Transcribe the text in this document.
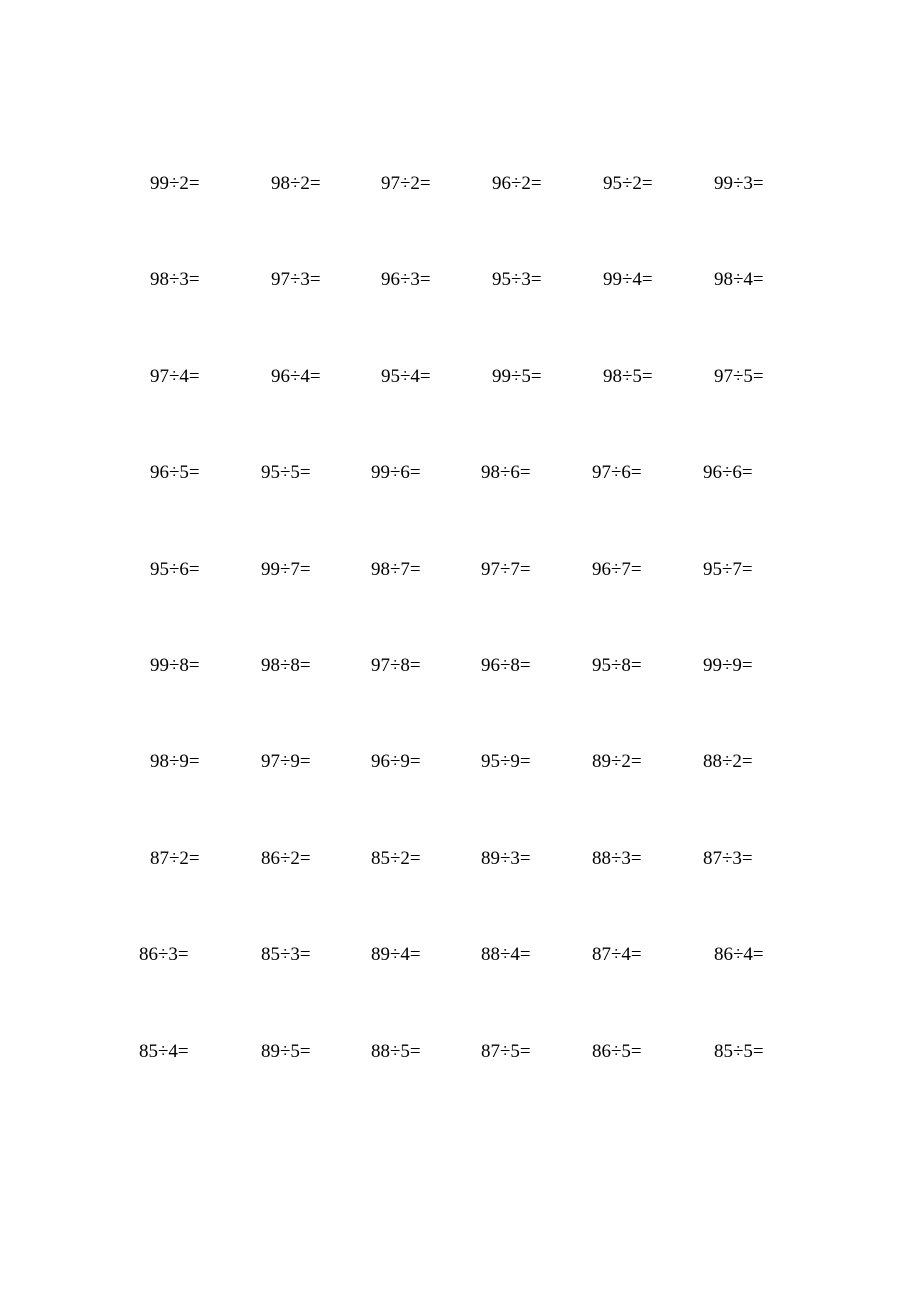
99÷2=	98÷2=	97÷2=	96÷2=	95÷2=	99÷3=
98÷3=	97÷3=	96÷3=	95÷3=	99÷4=	98÷4=
97÷4=	96÷4=	95÷4=	99÷5=	98÷5=	97÷5=
96÷5=	95÷5=	99÷6=	98÷6=	97÷6=	96÷6=
95÷6=	99÷7=	98÷7=	97÷7=	96÷7=	95÷7=
99÷8=	98÷8=	97÷8=	96÷8=	95÷8=	99÷9=
98÷9=	97÷9=	96÷9=	95÷9=	89÷2=	88÷2=
87÷2=	86÷2=	85÷2=	89÷3=	88÷3=	87÷3=
86÷3=	85÷3=	89÷4=	88÷4=	87÷4=	86÷4=
85÷4=	89÷5=	88÷5=	87÷5=	86÷5=	85÷5=
